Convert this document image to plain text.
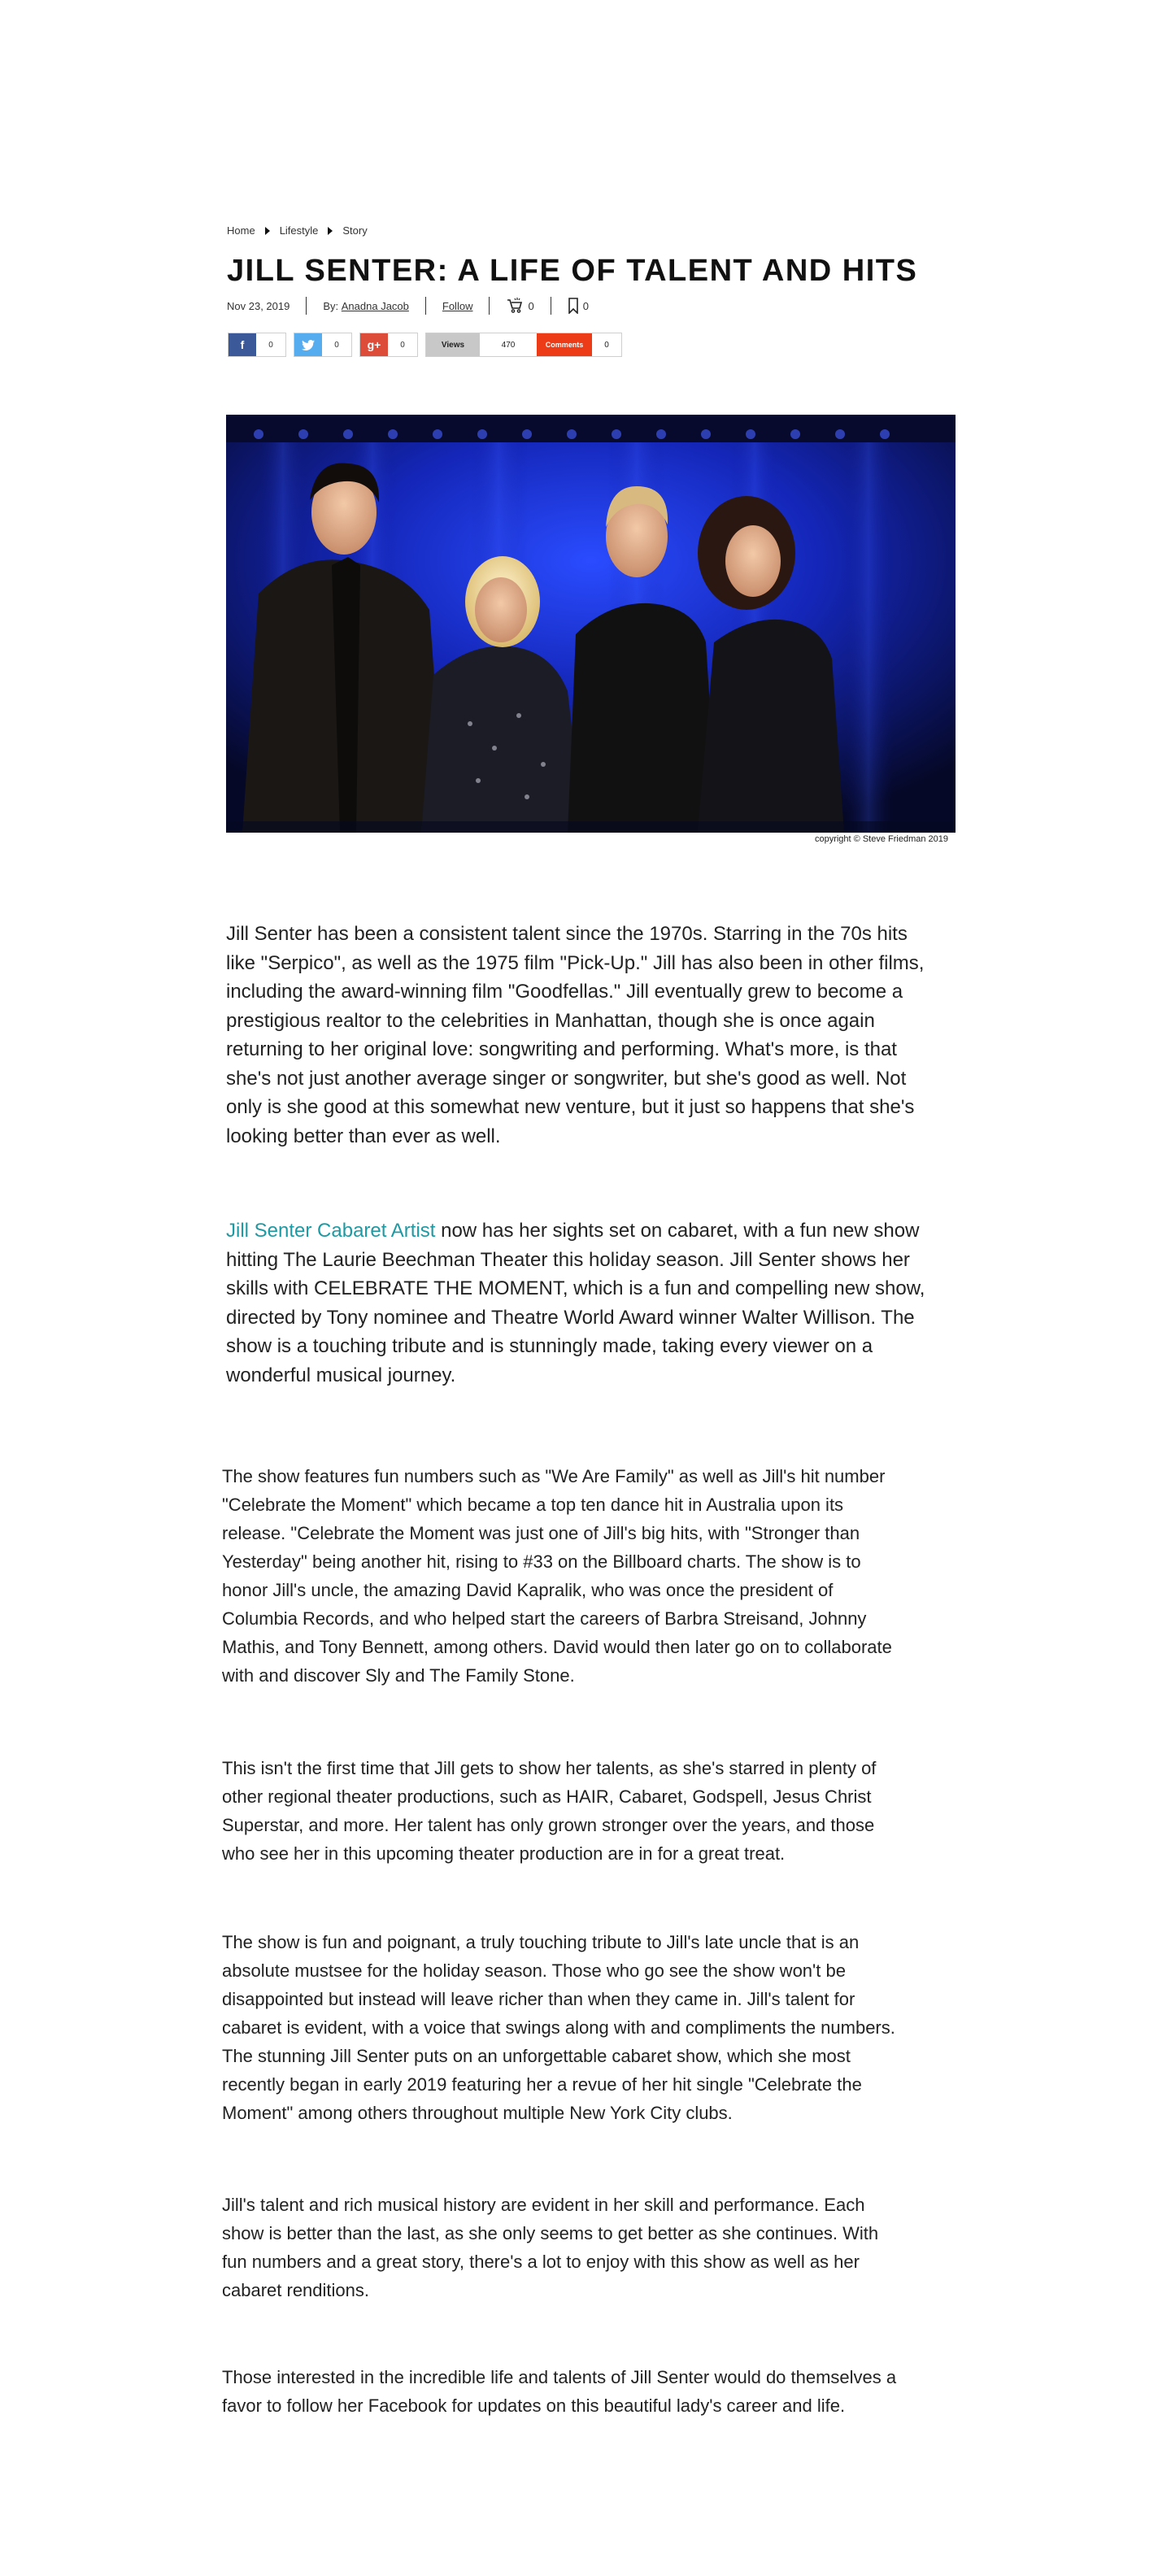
Home Lifestyle Story
JILL SENTER: A LIFE OF TALENT AND HITS
Nov 23, 2019	By:
Anadna Jacob	Follow	0	0
f	0	0	g+	0	Views	470	Comments	0
copyright © Steve Friedman 2019

Jill Senter has been a consistent talent since the 1970s. Starring in the 70s hits like "Serpico", as well as the 1975 film "Pick-Up." Jill has also been in other films, including the award-winning film "Goodfellas." Jill eventually grew to become a prestigious realtor to the celebrities in Manhattan, though she is once again returning to her original love: songwriting and performing. What's more, is that she's not just another average singer or songwriter, but she's good as well. Not only is she good at this somewhat new venture, but it just so happens that she's looking better than ever as well.

Jill Senter Cabaret Artist now has her sights set on cabaret, with a fun new show hitting The Laurie Beechman Theater this holiday season. Jill Senter shows her skills with CELEBRATE THE MOMENT, which is a fun and compelling new show, directed by Tony nominee and Theatre World Award winner Walter Willison. The show is a touching tribute and is stunningly made, taking every viewer on a wonderful musical journey.

The show features fun numbers such as "We Are Family" as well as Jill's hit number "Celebrate the Moment" which became a top ten dance hit in Australia upon its release. "Celebrate the Moment was just one of Jill's big hits, with "Stronger than Yesterday" being another hit, rising to #33 on the Billboard charts. The show is to honor Jill's uncle, the amazing David Kapralik, who was once the president of Columbia Records, and who helped start the careers of Barbra Streisand, Johnny Mathis, and Tony Bennett, among others. David would then later go on to collaborate with and discover Sly and The Family Stone.

This isn't the first time that Jill gets to show her talents, as she's starred in plenty of other regional theater productions, such as HAIR, Cabaret, Godspell, Jesus Christ Superstar, and more. Her talent has only grown stronger over the years, and those who see her in this upcoming theater production are in for a great treat.

The show is fun and poignant, a truly touching tribute to Jill's late uncle that is an absolute mustsee for the holiday season. Those who go see the show won't be disappointed but instead will leave richer than when they came in. Jill's talent for cabaret is evident, with a voice that swings along with and compliments the numbers. The stunning Jill Senter puts on an unforgettable cabaret show, which she most recently began in early 2019 featuring her a revue of her hit single "Celebrate the Moment" among others throughout multiple New York City clubs.

Jill's talent and rich musical history are evident in her skill and performance. Each show is better than the last, as she only seems to get better as she continues. With fun numbers and a great story, there's a lot to enjoy with this show as well as her cabaret renditions.

Those interested in the incredible life and talents of Jill Senter would do themselves a favor to follow her Facebook for updates on this beautiful lady's career and life.
